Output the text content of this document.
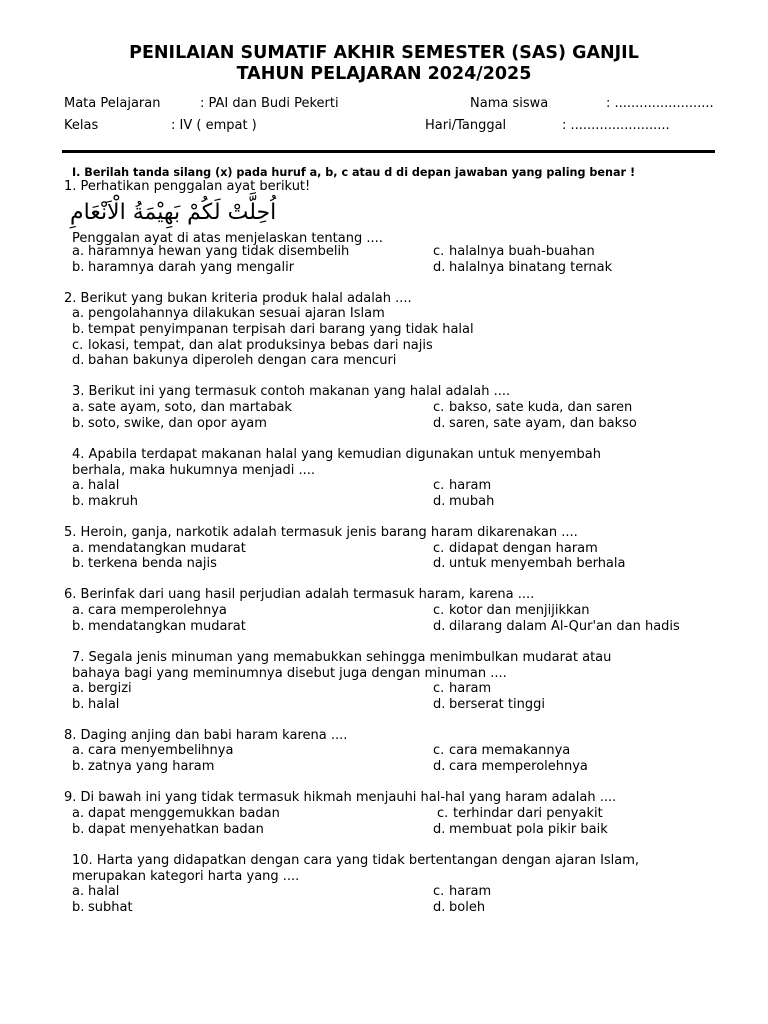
PENILAIAN SUMATIF AKHIR SEMESTER (SAS) GANJIL
TAHUN PELAJARAN 2024/2025
Mata Pelajaran	: PAI dan Budi Pekerti	Nama siswa	: ........................
Kelas	: IV ( empat )	Hari/Tanggal	: ........................
I. Berilah tanda silang (x) pada huruf a, b, c atau d di depan jawaban yang paling benar !
1. Perhatikan penggalan ayat berikut!
اُحِلَّتْ لَكُمْ بَهِيْمَةُ الْاَنْعَامِ
Penggalan ayat di atas menjelaskan tentang ....
a. haramnya hewan yang tidak disembelih	c. halalnya buah-buahan
b. haramnya darah yang mengalir	d. halalnya binatang ternak
2. Berikut yang bukan kriteria produk halal adalah ....
a. pengolahannya dilakukan sesuai ajaran Islam
b. tempat penyimpanan terpisah dari barang yang tidak halal
c. lokasi, tempat, dan alat produksinya bebas dari najis
d. bahan bakunya diperoleh dengan cara mencuri
3. Berikut ini yang termasuk contoh makanan yang halal adalah ....
a. sate ayam, soto, dan martabak	c. bakso, sate kuda, dan saren
b. soto, swike, dan opor ayam	d. saren, sate ayam, dan bakso
4. Apabila terdapat makanan halal yang kemudian digunakan untuk menyembah
berhala, maka hukumnya menjadi ....
a. halal	c. haram
b. makruh	d. mubah
5. Heroin, ganja, narkotik adalah termasuk jenis barang haram dikarenakan ....
a. mendatangkan mudarat	c. didapat dengan haram
b. terkena benda najis	d. untuk menyembah berhala
6. Berinfak dari uang hasil perjudian adalah termasuk haram, karena ....
a. cara memperolehnya	c. kotor dan menjijikkan
b. mendatangkan mudarat	d. dilarang dalam Al-Qur'an dan hadis
7. Segala jenis minuman yang memabukkan sehingga menimbulkan mudarat atau
bahaya bagi yang meminumnya disebut juga dengan minuman ....
a. bergizi	c. haram
b. halal	d. berserat tinggi
8. Daging anjing dan babi haram karena ....
a. cara menyembelihnya	c. cara memakannya
b. zatnya yang haram	d. cara memperolehnya
9. Di bawah ini yang tidak termasuk hikmah menjauhi hal-hal yang haram adalah ....
a. dapat menggemukkan badan	c. terhindar dari penyakit
b. dapat menyehatkan badan	d. membuat pola pikir baik
10. Harta yang didapatkan dengan cara yang tidak bertentangan dengan ajaran Islam,
merupakan kategori harta yang ....
a. halal	c. haram
b. subhat	d. boleh
